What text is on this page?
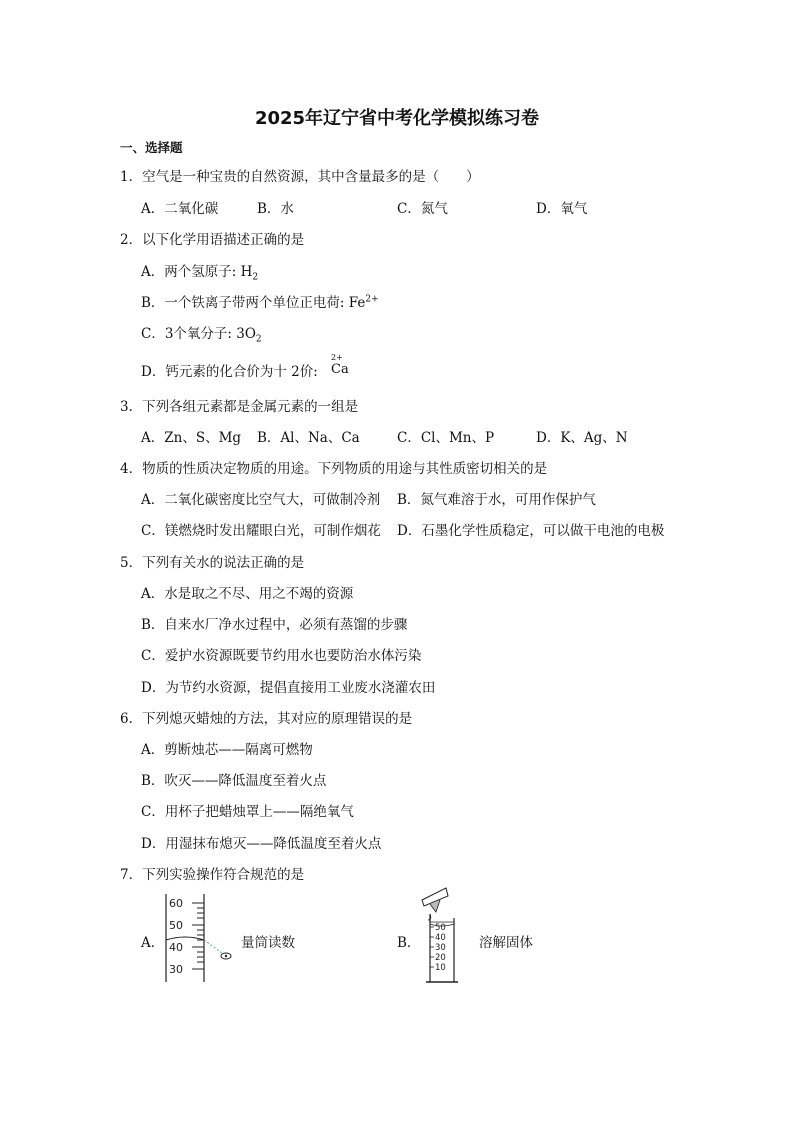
2025年辽宁省中考化学模拟练习卷
一、选择题
1．空气是一种宝贵的自然资源，其中含量最多的是（　　）
A．二氧化碳	B．水	C．氮气	D．氧气
2．以下化学用语描述正确的是
A．两个氢原子: $H_2$
B．一个铁离子带两个单位正电荷: $Fe^{2+}$
C．3个氧分子: $3O_2$
D．钙元素的化合价为十 2价:
2+
Ca
3．下列各组元素都是金属元素的一组是
A．Zn、S、Mg B．Al、Na、Ca	C．Cl、Mn、P	D．K、Ag、N
4．物质的性质决定物质的用途。下列物质的用途与其性质密切相关的是
A．二氧化碳密度比空气大，可做制冷剂 B．氮气难溶于水，可用作保护气
C．镁燃烧时发出耀眼白光，可制作烟花 D．石墨化学性质稳定，可以做干电池的电极
5．下列有关水的说法正确的是
A．水是取之不尽、用之不竭的资源
B．自来水厂净水过程中，必须有蒸馏的步骤
C．爱护水资源既要节约用水也要防治水体污染
D．为节约水资源，提倡直接用工业废水浇灌农田
6．下列熄灭蜡烛的方法，其对应的原理错误的是
A．剪断烛芯——隔离可燃物
B．吹灭——降低温度至着火点
C．用杯子把蜡烛罩上——隔绝氧气
D．用湿抹布熄灭——降低温度至着火点
7．下列实验操作符合规范的是
A．
60
50
40
30
量筒读数	B．
50
40
30
20
10
溶解固体
